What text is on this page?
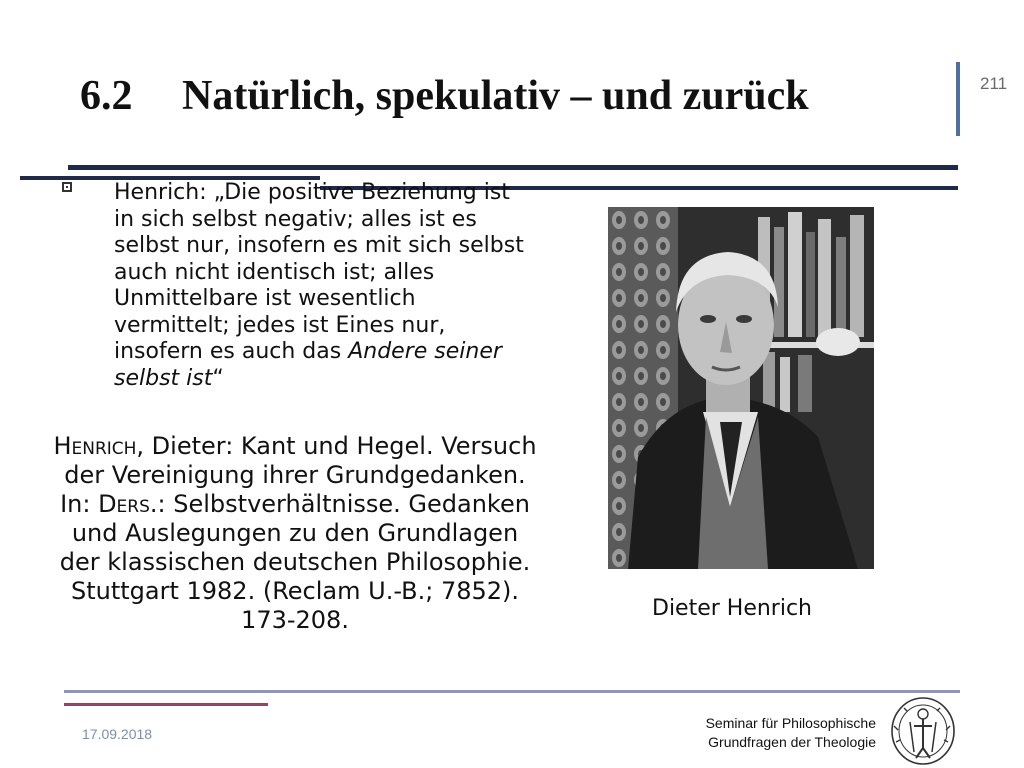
6.2 Natürlich, spekulativ – und zurück	211
Henrich: „Die positive Beziehung ist in sich selbst negativ; alles ist es selbst nur, insofern es mit sich selbst auch nicht identisch ist; alles Unmittelbare ist wesentlich vermittelt; jedes ist Eines nur, insofern es auch das Andere seiner selbst ist“
Henrich, Dieter: Kant und Hegel. Versuch der Vereinigung ihrer Grundgedanken. In: Ders.: Selbstverhältnisse. Gedanken und Auslegungen zu den Grundlagen der klassischen deutschen Philosophie. Stuttgart 1982. (Reclam U.-B.; 7852). 173-208.	Dieter Henrich
17.09.2018
Seminar für Philosophische
Grundfragen der Theologie
